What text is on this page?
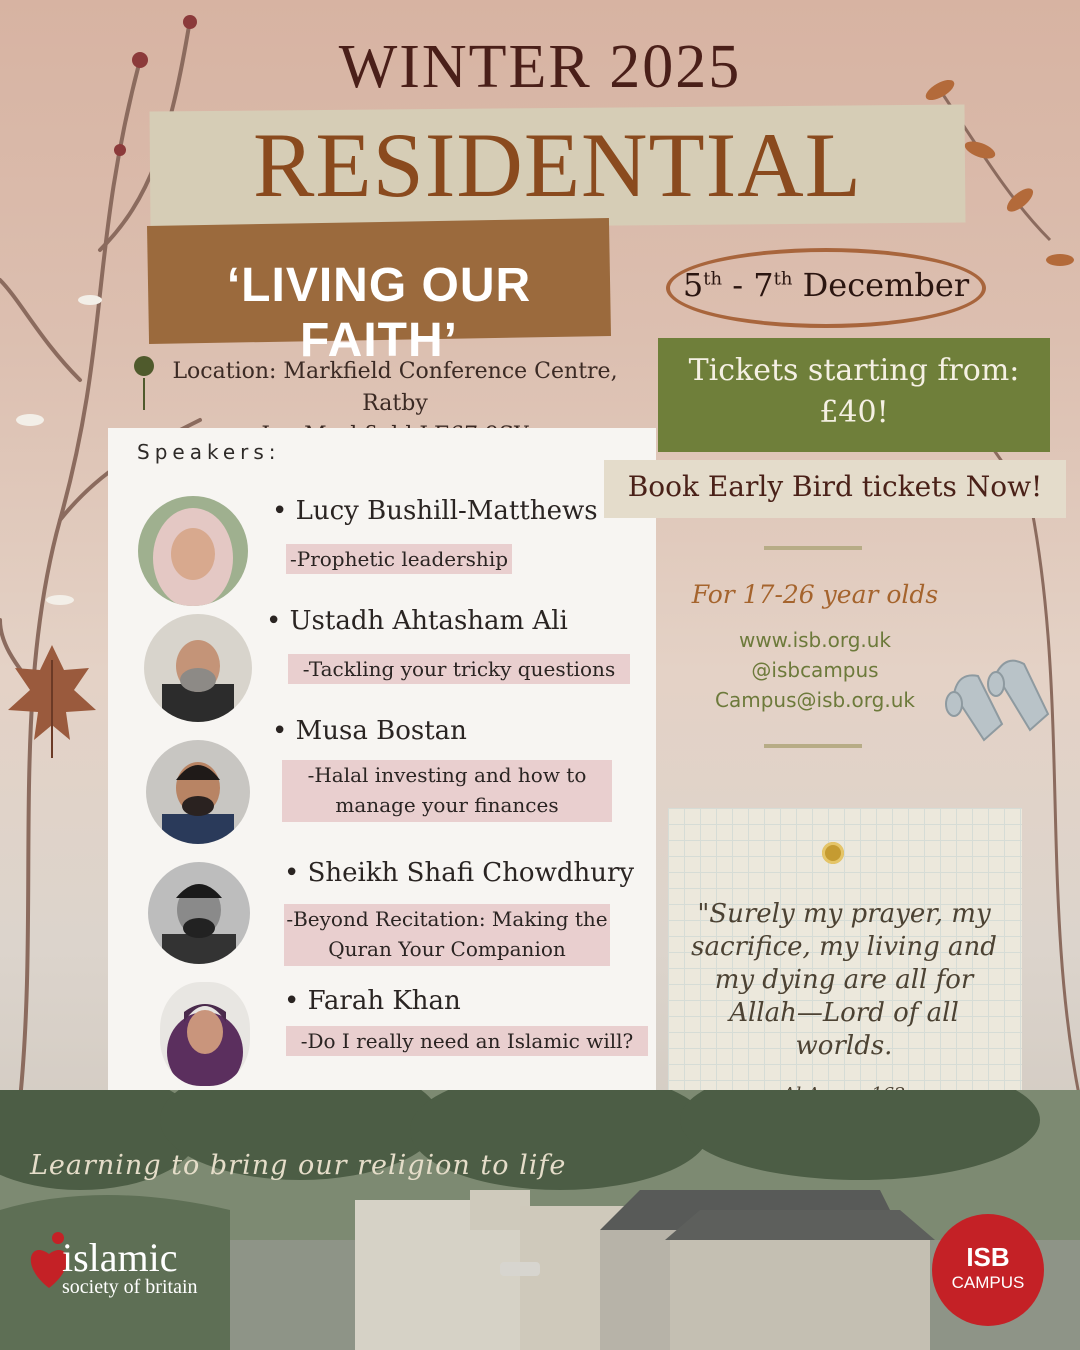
WINTER 2025
RESIDENTIAL
‘LIVING OUR FAITH’
5th - 7th December
Location: Markfield Conference Centre, Ratby
Tickets starting from:
£40!
Speakers:
• Lucy Bushill-Matthews
-Prophetic leadership
• Ustadh Ahtasham Ali
-Tackling your tricky questions
• Musa Bostan
-Halal investing and how to
manage your finances
• Sheikh Shafi Chowdhury
-Beyond Recitation: Making the
Quran Your Companion
• Farah Khan
-Do I really need an Islamic will?
Book Early Bird tickets Now!
For 17-26 year olds
www.isb.org.uk
@isbcampus
Campus@isb.org.uk
"Surely my prayer, my
sacrifice, my living and
my dying are all for
Allah—Lord of all
worlds.
Learning to bring our religion to life
islamic
society of britain
ISB
CAMPUS
